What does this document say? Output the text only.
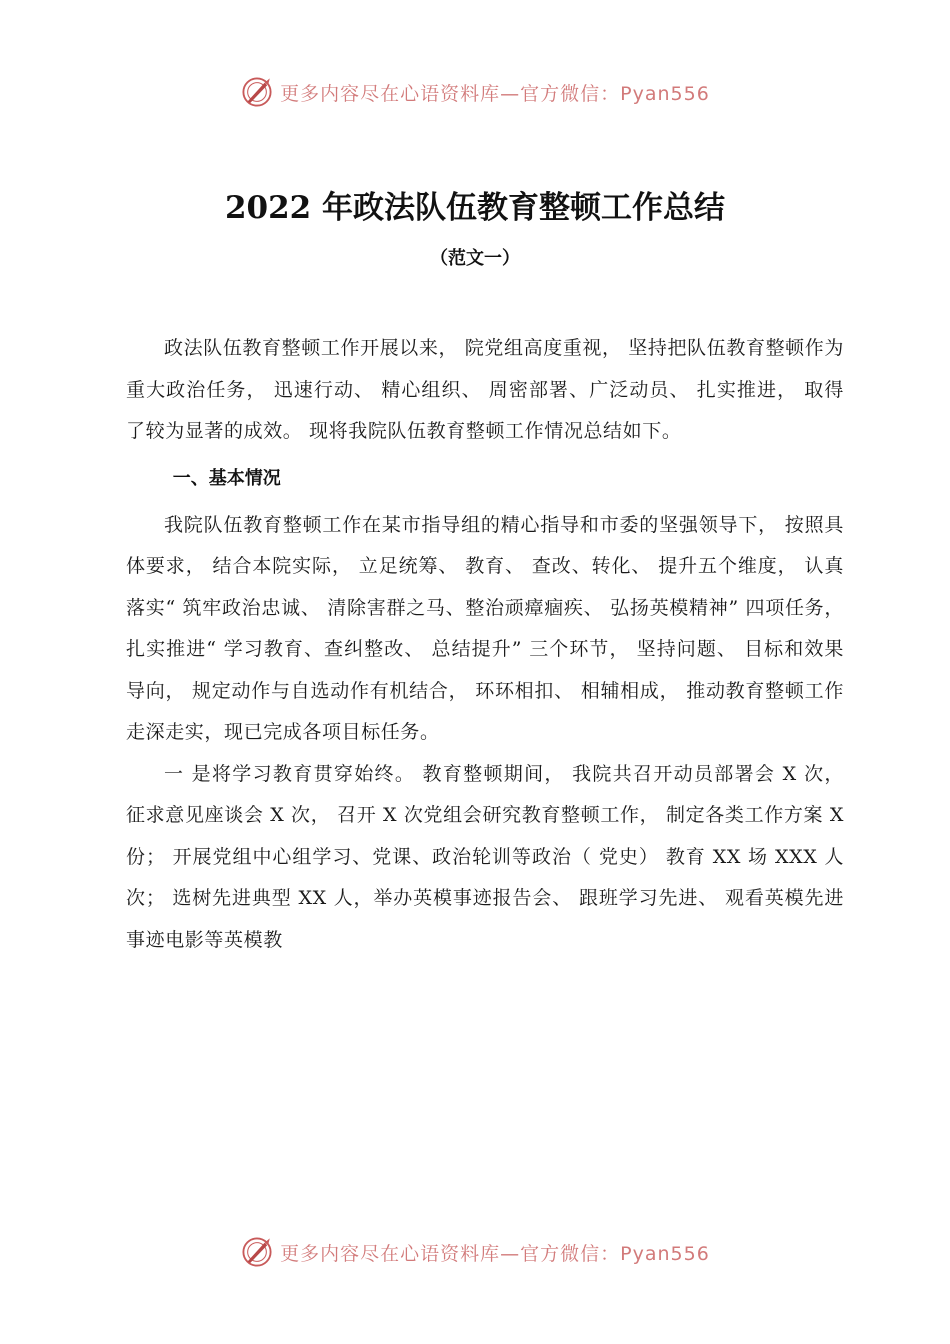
更多内容尽在心语资料库—官方微信：Pyan556
2022 年政法队伍教育整顿工作总结
（范文一）

政法队伍教育整顿工作开展以来， 院党组高度重视， 坚持把队伍教育整顿作为重大政治任务， 迅速行动、 精心组织、 周密部署、广泛动员、 扎实推进， 取得了较为显著的成效。 现将我院队伍教育整顿工作情况总结如下。

一、基本情况

我院队伍教育整顿工作在某市指导组的精心指导和市委的坚强领导下， 按照具体要求， 结合本院实际， 立足统筹、 教育、 查改、转化、 提升五个维度， 认真落实“ 筑牢政治忠诚、 清除害群之马、整治顽瘴痼疾、 弘扬英模精神” 四项任务， 扎实推进“ 学习教育、查纠整改、 总结提升” 三个环节， 坚持问题、 目标和效果导向， 规定动作与自选动作有机结合， 环环相扣、 相辅相成， 推动教育整顿工作走深走实，现已完成各项目标任务。

一 是将学习教育贯穿始终。 教育整顿期间， 我院共召开动员部署会 X 次， 征求意见座谈会 X 次， 召开 X 次党组会研究教育整顿工作， 制定各类工作方案 X 份； 开展党组中心组学习、党课、政治轮训等政治（ 党史） 教育 XX 场 XXX 人次； 选树先进典型 XX 人，举办英模事迹报告会、 跟班学习先进、 观看英模先进事迹电影等英模教

更多内容尽在心语资料库—官方微信：Pyan556
